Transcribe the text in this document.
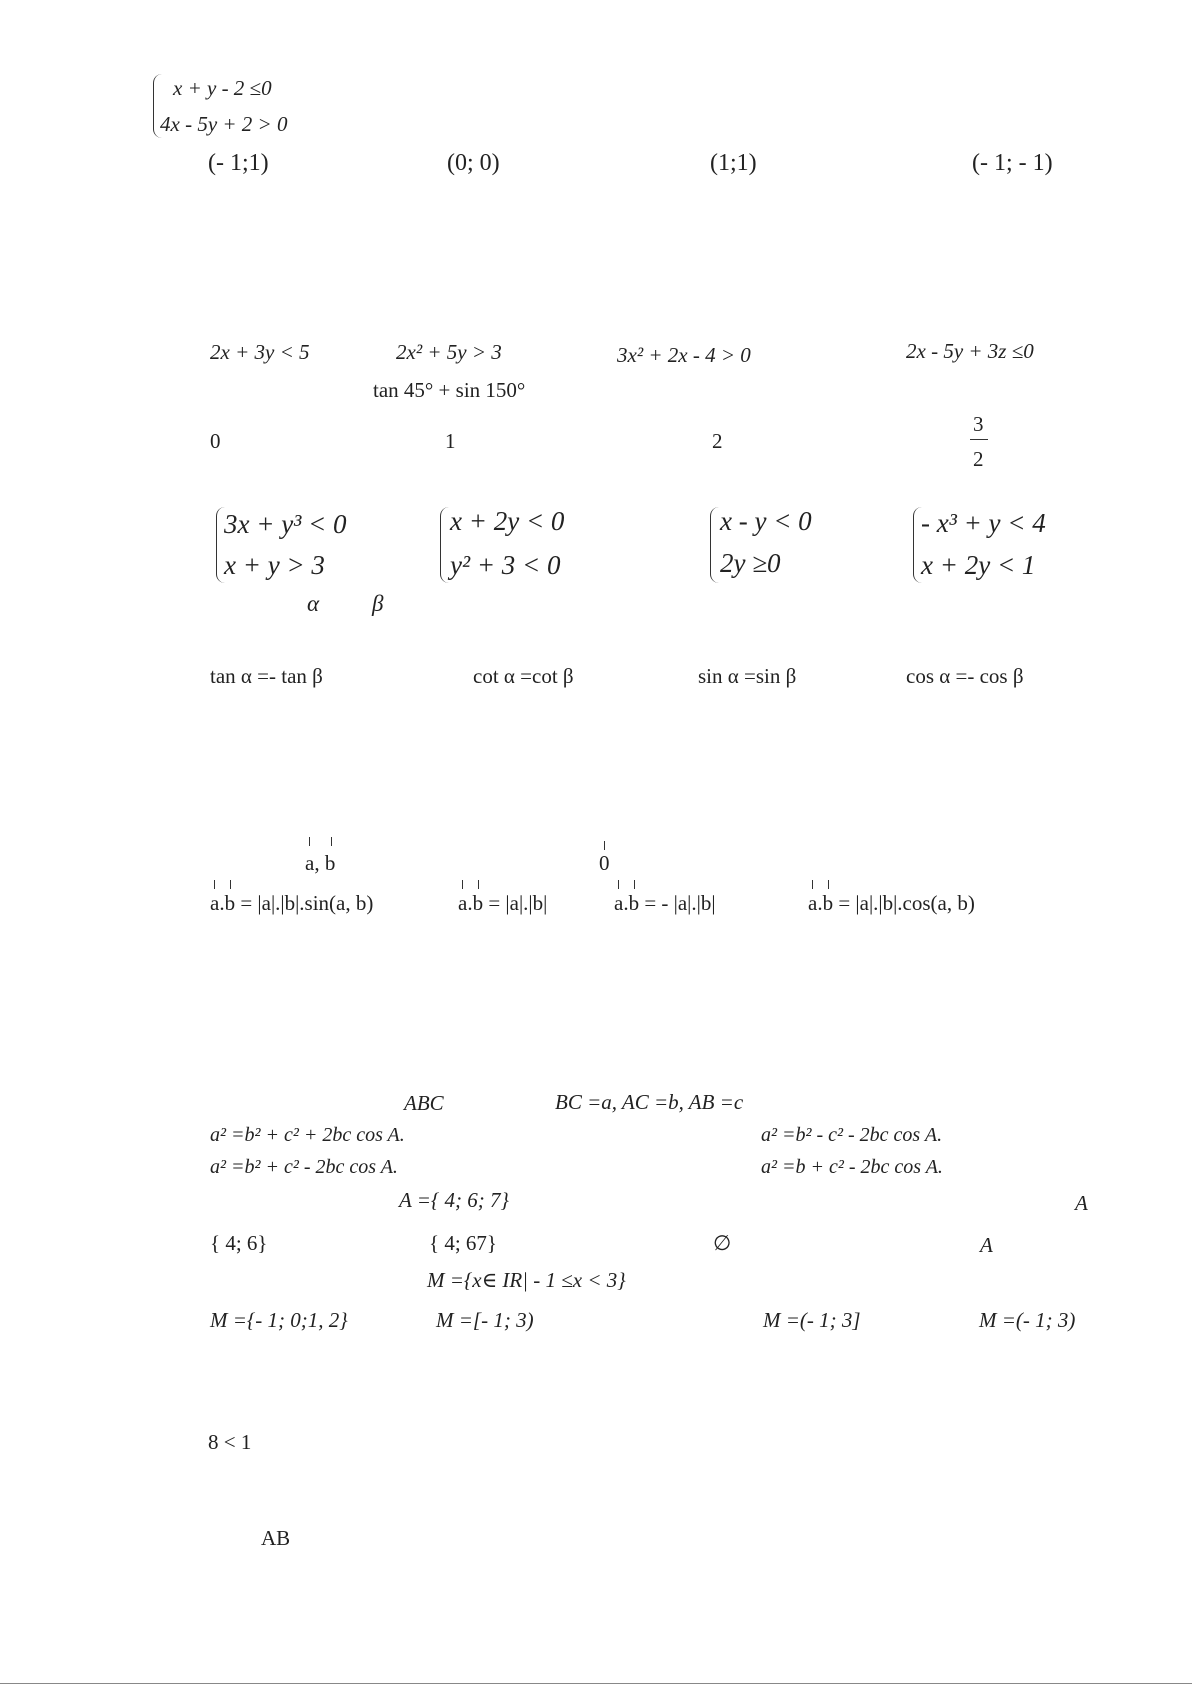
x + y - 2 ≤0
4x - 5y + 2 > 0
(- 1;1)	(0; 0)	(1;1)	(- 1; - 1)
2x + 3y < 5	2x² + 5y > 3	3x² + 2x - 4 > 0	2x - 5y + 3z ≤0
tan 45° + sin 150°
0	1	2
3
2
3x + y³ < 0
x + y > 3
x + 2y < 0
y² + 3 < 0
x - y < 0
2y ≥0
- x³ + y < 4
x + 2y < 1
α β
tan α =- tan β	cot α =cot β	sin α =sin β	cos α =- cos β
a, b	0
a.b = |a|.|b|.sin(a, b)	a.b = |a|.|b|	a.b = - |a|.|b|	a.b = |a|.|b|.cos(a, b)
ABC	BC =a, AC =b, AB =c
a² =b² + c² + 2bc cos A.	a² =b² - c² - 2bc cos A.
a² =b² + c² - 2bc cos A.	a² =b + c² - 2bc cos A.
A ={ 4; 6; 7}	A
{ 4; 6}	{ 4; 67}	∅	A
M ={x∈ IR| - 1 ≤x < 3}
M ={- 1; 0;1, 2}	M =[- 1; 3)	M =(- 1; 3]	M =(- 1; 3)
8 < 1
AB
